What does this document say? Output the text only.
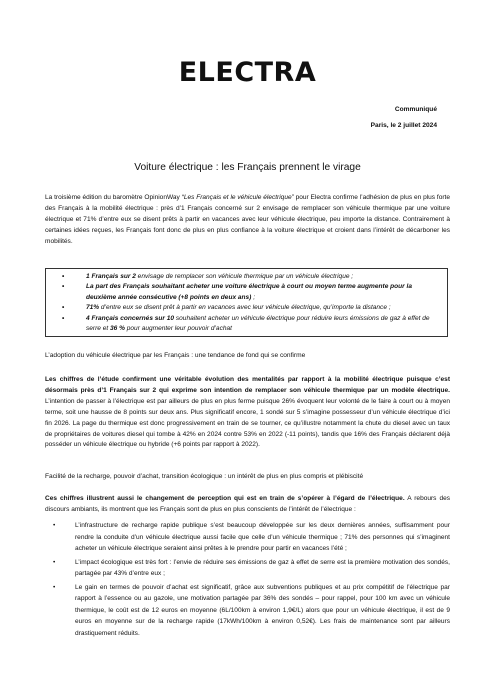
ELECTRA
Communiqué
Paris, le 2 juillet 2024
Voiture électrique : les Français prennent le virage

La troisième édition du baromètre OpinionWay “Les Français et le véhicule électrique” pour Electra confirme l’adhésion de plus en plus forte des Français à la mobilité électrique : près d’1 Français concerné sur 2 envisage de remplacer son véhicule thermique par une voiture électrique et 71% d’entre eux se disent prêts à partir en vacances avec leur véhicule électrique, peu importe la distance. Contrairement à certaines idées reçues, les Français font donc de plus en plus confiance à la voiture électrique et croient dans l’intérêt de décarboner les mobilités.

• 1 Français sur 2 envisage de remplacer son véhicule thermique par un véhicule électrique ;
• La part des Français souhaitant acheter une voiture électrique à court ou moyen terme augmente pour la deuxième année consécutive (+8 points en deux ans) ;
• 71% d’entre eux se disent prêt à partir en vacances avec leur véhicule électrique, qu’importe la distance ;
• 4 Français concernés sur 10 souhaitent acheter un véhicule électrique pour réduire leurs émissions de gaz à effet de serre et 36 % pour augmenter leur pouvoir d’achat
L’adoption du véhicule électrique par les Français : une tendance de fond qui se confirme

Les chiffres de l’étude confirment une véritable évolution des mentalités par rapport à la mobilité électrique puisque c’est désormais près d’1 Français sur 2 qui exprime son intention de remplacer son véhicule thermique par un modèle électrique. L’intention de passer à l’électrique est par ailleurs de plus en plus ferme puisque 26% évoquent leur volonté de le faire à court ou à moyen terme, soit une hausse de 8 points sur deux ans. Plus significatif encore, 1 sondé sur 5 s’imagine possesseur d’un véhicule électrique d’ici fin 2026. La page du thermique est donc progressivement en train de se tourner, ce qu’illustre notamment la chute du diesel avec un taux de propriétaires de voitures diesel qui tombe à 42% en 2024 contre 53% en 2022 (-11 points), tandis que 16% des Français déclarent déjà posséder un véhicule électrique ou hybride (+6 points par rapport à 2022).

Facilité de la recharge, pouvoir d’achat, transition écologique : un intérêt de plus en plus compris et plébiscité

Ces chiffres illustrent aussi le changement de perception qui est en train de s’opérer à l’égard de l’électrique. A rebours des discours ambiants, ils montrent que les Français sont de plus en plus conscients de l’intérêt de l’électrique :

• L’infrastructure de recharge rapide publique s’est beaucoup développée sur les deux dernières années, suffisamment pour rendre la conduite d’un véhicule électrique aussi facile que celle d’un véhicule thermique ; 71% des personnes qui s’imaginent acheter un véhicule électrique seraient ainsi prêtes à le prendre pour partir en vacances l’été ;
• L’impact écologique est très fort : l’envie de réduire ses émissions de gaz à effet de serre est la première motivation des sondés, partagée par 43% d’entre eux ;
• Le gain en termes de pouvoir d’achat est significatif, grâce aux subventions publiques et au prix compétitif de l’électrique par rapport à l’essence ou au gazole, une motivation partagée par 36% des sondés – pour rappel, pour 100 km avec un véhicule thermique, le coût est de 12 euros en moyenne (6L/100km à environ 1,9€/L) alors que pour un véhicule électrique, il est de 9 euros en moyenne sur de la recharge rapide (17kWh/100km à environ 0,52€). Les frais de maintenance sont par ailleurs drastiquement réduits.
